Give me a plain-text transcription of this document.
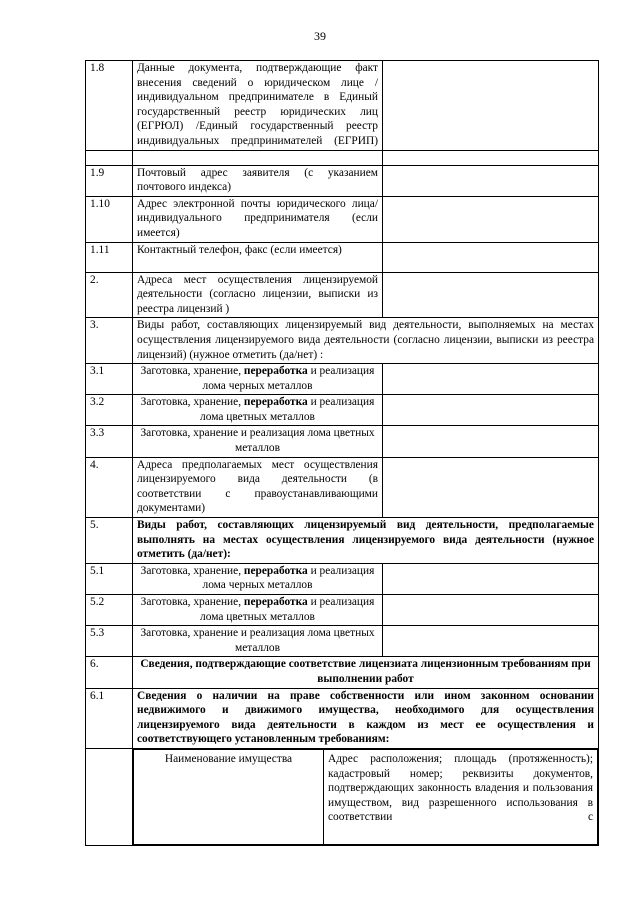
39
1.8	Данные документа, подтверждающие факт внесения сведений о юридическом лице /индивидуальном предпринимателе в Единый государственный реестр юридических лиц (ЕГРЮЛ) /Единый государственный реестр индивидуальных предпринимателей (ЕГРИП)	

1.9	Почтовый адрес заявителя (с указанием почтового индекса)	
1.10	Адрес электронной почты юридического лица/индивидуального предпринимателя (если имеется)	
1.11	Контактный телефон, факс (если имеется)	
2.	Адреса мест осуществления лицензируемой деятельности (согласно лицензии, выписки из реестра лицензий )	
3.	Виды работ, составляющих лицензируемый вид деятельности, выполняемых на местах осуществления лицензируемого вида деятельности (согласно лицензии, выписки из реестра лицензий) (нужное отметить (да/нет) :
3.1	Заготовка, хранение, переработка и реализация лома черных металлов	
3.2	Заготовка, хранение, переработка и реализация лома цветных металлов	
3.3	Заготовка, хранение и реализация лома цветных металлов	
4.	Адреса предполагаемых мест осуществления лицензируемого вида деятельности (в соответствии с правоустанавливающими документами)	
5.	Виды работ, составляющих лицензируемый вид деятельности, предполагаемые выполнять на местах осуществления лицензируемого вида деятельности (нужное отметить (да/нет):
5.1	Заготовка, хранение, переработка и реализация лома черных металлов	
5.2	Заготовка, хранение, переработка и реализация лома цветных металлов	
5.3	Заготовка, хранение и реализация лома цветных металлов	
6.	Сведения, подтверждающие соответствие лицензиата лицензионным требованиям при выполнении работ
6.1	Сведения о наличии на праве собственности или ином законном основании недвижимого и движимого имущества, необходимого для осуществления лицензируемого вида деятельности в каждом из мест ее осуществления и соответствующего установленным требованиям:

Наименование имущества	Адрес расположения; площадь (протяженность); кадастровый номер; реквизиты документов, подтверждающих законность владения и пользования имуществом, вид разрешенного использования в соответствии с
